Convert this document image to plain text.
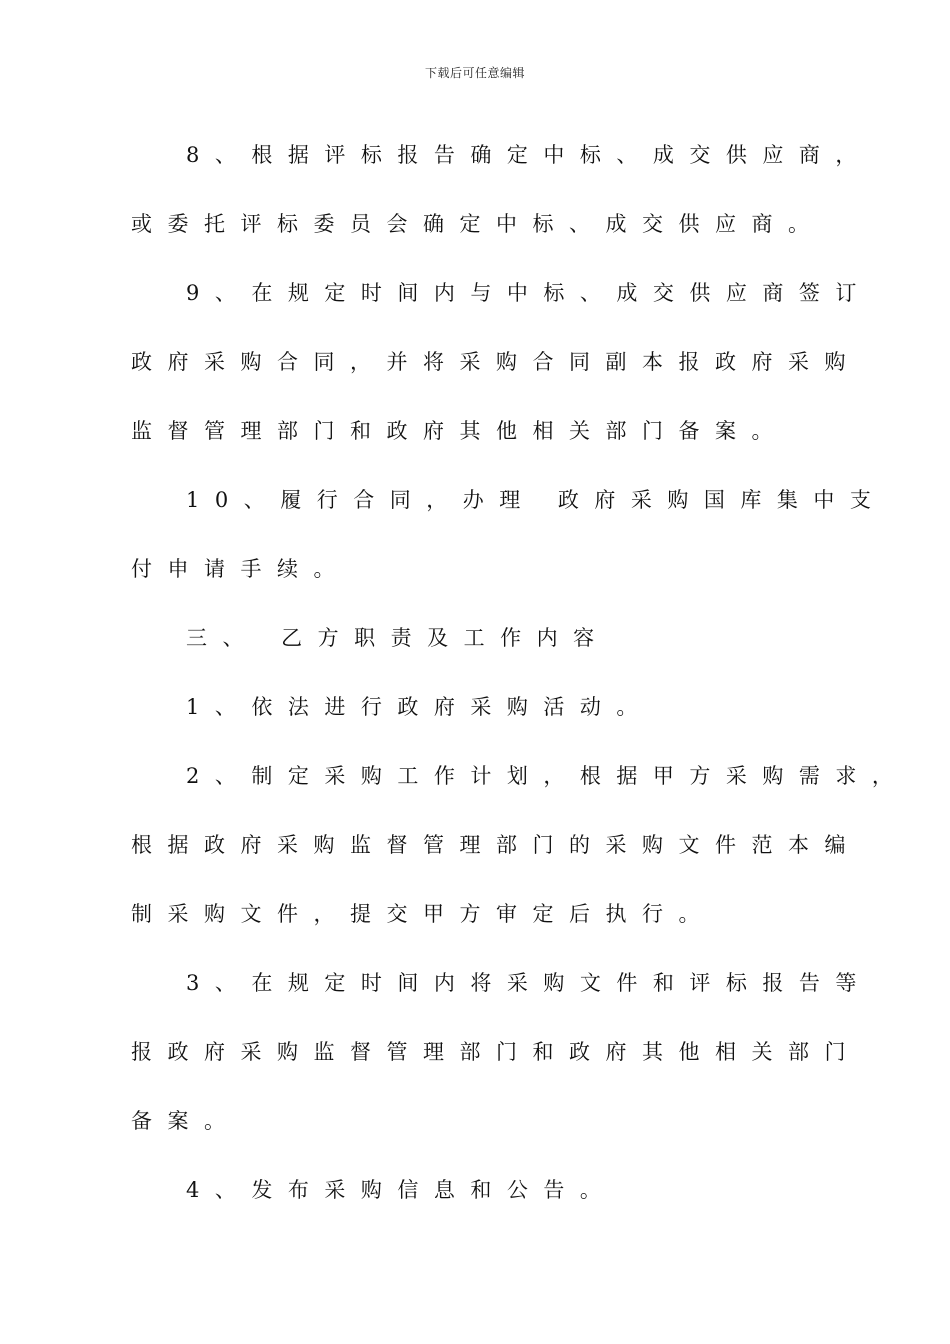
下载后可任意编辑
8、根据评标报告确定中标、成交供应商，
或委托评标委员会确定中标、成交供应商。
9、在规定时间内与中标、成交供应商签订
政府采购合同，并将采购合同副本报政府采购
监督管理部门和政府其他相关部门备案。
10、履行合同，办理 政府采购国库集中支
付申请手续。
三、 乙方职责及工作内容
1、依法进行政府采购活动。
2、制定采购工作计划，根据甲方采购需求，
根据政府采购监督管理部门的采购文件范本编
制采购文件，提交甲方审定后执行。
3、在规定时间内将采购文件和评标报告等
报政府采购监督管理部门和政府其他相关部门
备案。
4、发布采购信息和公告。
